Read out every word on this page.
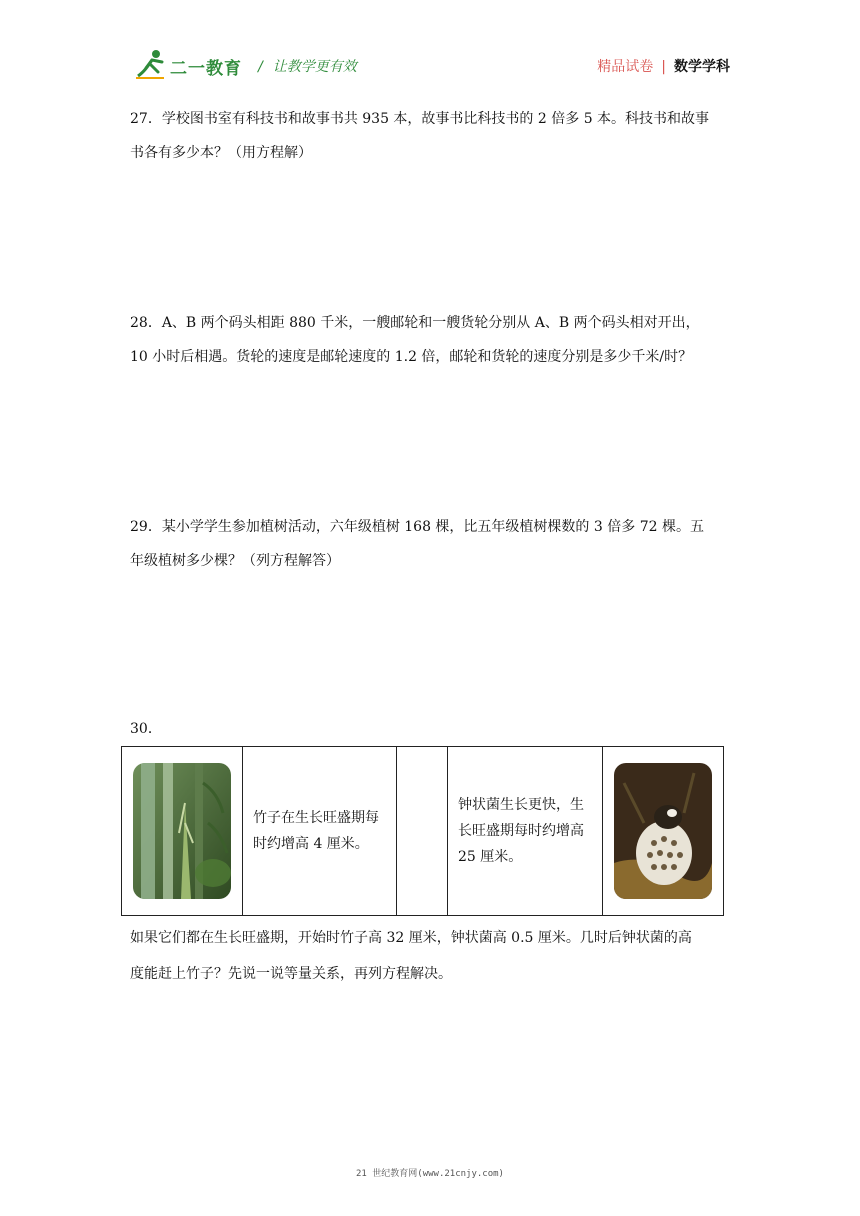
二一教育 / 让教学更有效	精品试卷 | 数学学科

27．学校图书室有科技书和故事书共 935 本，故事书比科技书的 2 倍多 5 本。科技书和故事

书各有多少本？（用方程解）

28．A、B 两个码头相距 880 千米，一艘邮轮和一艘货轮分别从 A、B 两个码头相对开出，

10 小时后相遇。货轮的速度是邮轮速度的 1.2 倍，邮轮和货轮的速度分别是多少千米/时？

29．某小学学生参加植树活动，六年级植树 168 棵，比五年级植树棵数的 3 倍多 72 棵。五

年级植树多少棵？（列方程解答）

30．

竹子在生长旺盛期每
时约增高 4 厘米。

钟状菌生长更快，生
长旺盛期每时约增高
25 厘米。

如果它们都在生长旺盛期，开始时竹子高 32 厘米，钟状菌高 0.5 厘米。几时后钟状菌的高

度能赶上竹子？先说一说等量关系，再列方程解决。

21 世纪教育网(www.21cnjy.com)
